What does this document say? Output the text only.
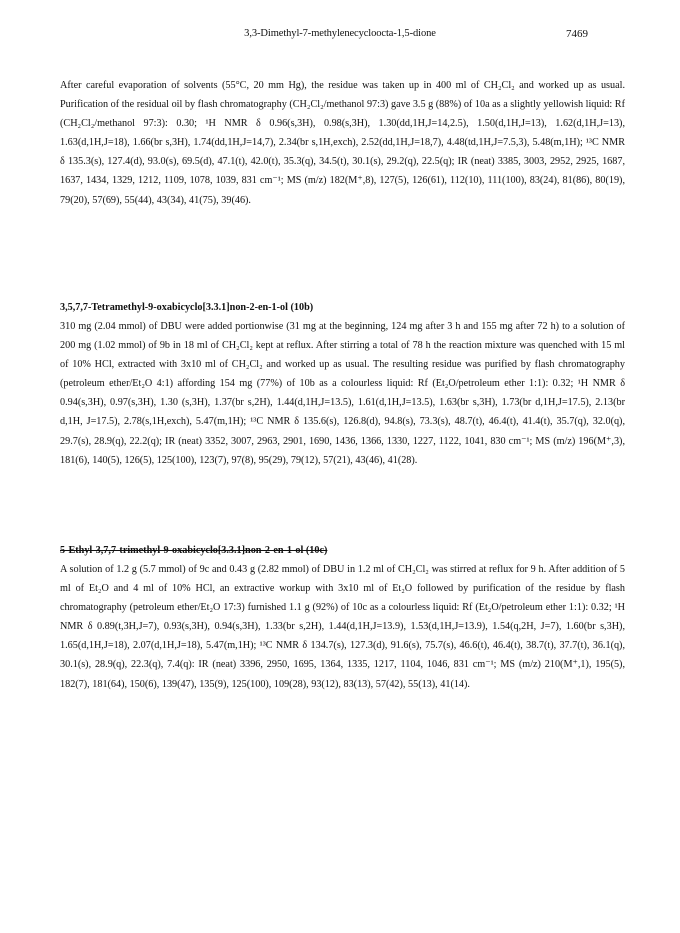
3,3-Dimethyl-7-methylenecycloocta-1,5-dione	7469

After careful evaporation of solvents (55°C, 20 mm Hg), the residue was taken up in 400 ml of CH₂Cl₂ and worked up as usual. Purification of the residual oil by flash chromatography (CH₂Cl₂/methanol 97:3) gave 3.5 g (88%) of 10a as a slightly yellowish liquid: Rf (CH₂Cl₂/methanol 97:3): 0.30; ¹H NMR δ 0.96(s,3H), 0.98(s,3H), 1.30(dd,1H,J=14,2.5), 1.50(d,1H,J=13), 1.62(d,1H,J=13), 1.63(d,1H,J=18), 1.66(br s,3H), 1.74(dd,1H,J=14,7), 2.34(br s,1H,exch), 2.52(dd,1H,J=18,7), 4.48(td,1H,J=7.5,3), 5.48(m,1H); ¹³C NMR δ 135.3(s), 127.4(d), 93.0(s), 69.5(d), 47.1(t), 42.0(t), 35.3(q), 34.5(t), 30.1(s), 29.2(q), 22.5(q); IR (neat) 3385, 3003, 2952, 2925, 1687, 1637, 1434, 1329, 1212, 1109, 1078, 1039, 831 cm⁻¹; MS (m/z) 182(M⁺,8), 127(5), 126(61), 112(10), 111(100), 83(24), 81(86), 80(19), 79(20), 57(69), 55(44), 43(34), 41(75), 39(46).

3,5,7,7-Tetramethyl-9-oxabicyclo[3.3.1]non-2-en-1-ol (10b)

310 mg (2.04 mmol) of DBU were added portionwise (31 mg at the beginning, 124 mg after 3 h and 155 mg after 72 h) to a solution of 200 mg (1.02 mmol) of 9b in 18 ml of CH₂Cl₂ kept at reflux. After stirring a total of 78 h the reaction mixture was quenched with 15 ml of 10% HCl, extracted with 3x10 ml of CH₂Cl₂ and worked up as usual. The resulting residue was purified by flash chromatography (petroleum ether/Et₂O 4:1) affording 154 mg (77%) of 10b as a colourless liquid: Rf (Et₂O/petroleum ether 1:1): 0.32; ¹H NMR δ 0.94(s,3H), 0.97(s,3H), 1.30 (s,3H), 1.37(br s,2H), 1.44(d,1H,J=13.5), 1.61(d,1H,J=13.5), 1.63(br s,3H), 1.73(br d,1H,J=17.5), 2.13(br d,1H, J=17.5), 2.78(s,1H,exch), 5.47(m,1H); ¹³C NMR δ 135.6(s), 126.8(d), 94.8(s), 73.3(s), 48.7(t), 46.4(t), 41.4(t), 35.7(q), 32.0(q), 29.7(s), 28.9(q), 22.2(q); IR (neat) 3352, 3007, 2963, 2901, 1690, 1436, 1366, 1330, 1227, 1122, 1041, 830 cm⁻¹; MS (m/z) 196(M⁺,3), 181(6), 140(5), 126(5), 125(100), 123(7), 97(8), 95(29), 79(12), 57(21), 43(46), 41(28).

5-Ethyl-3,7,7-trimethyl-9-oxabicyclo[3.3.1]non-2-en-1-ol (10c)

A solution of 1.2 g (5.7 mmol) of 9c and 0.43 g (2.82 mmol) of DBU in 1.2 ml of CH₂Cl₂ was stirred at reflux for 9 h. After addition of 5 ml of Et₂O and 4 ml of 10% HCl, an extractive workup with 3x10 ml of Et₂O followed by purification of the residue by flash chromatography (petroleum ether/Et₂O 17:3) furnished 1.1 g (92%) of 10c as a colourless liquid: Rf (Et₂O/petroleum ether 1:1): 0.32; ¹H NMR δ 0.89(t,3H,J=7), 0.93(s,3H), 0.94(s,3H), 1.33(br s,2H), 1.44(d,1H,J=13.9), 1.53(d,1H,J=13.9), 1.54(q,2H, J=7), 1.60(br s,3H), 1.65(d,1H,J=18), 2.07(d,1H,J=18), 5.47(m,1H); ¹³C NMR δ 134.7(s), 127.3(d), 91.6(s), 75.7(s), 46.6(t), 46.4(t), 38.7(t), 37.7(t), 36.1(q), 30.1(s), 28.9(q), 22.3(q), 7.4(q): IR (neat) 3396, 2950, 1695, 1364, 1335, 1217, 1104, 1046, 831 cm⁻¹; MS (m/z) 210(M⁺,1), 195(5), 182(7), 181(64), 150(6), 139(47), 135(9), 125(100), 109(28), 93(12), 83(13), 57(42), 55(13), 41(14).
